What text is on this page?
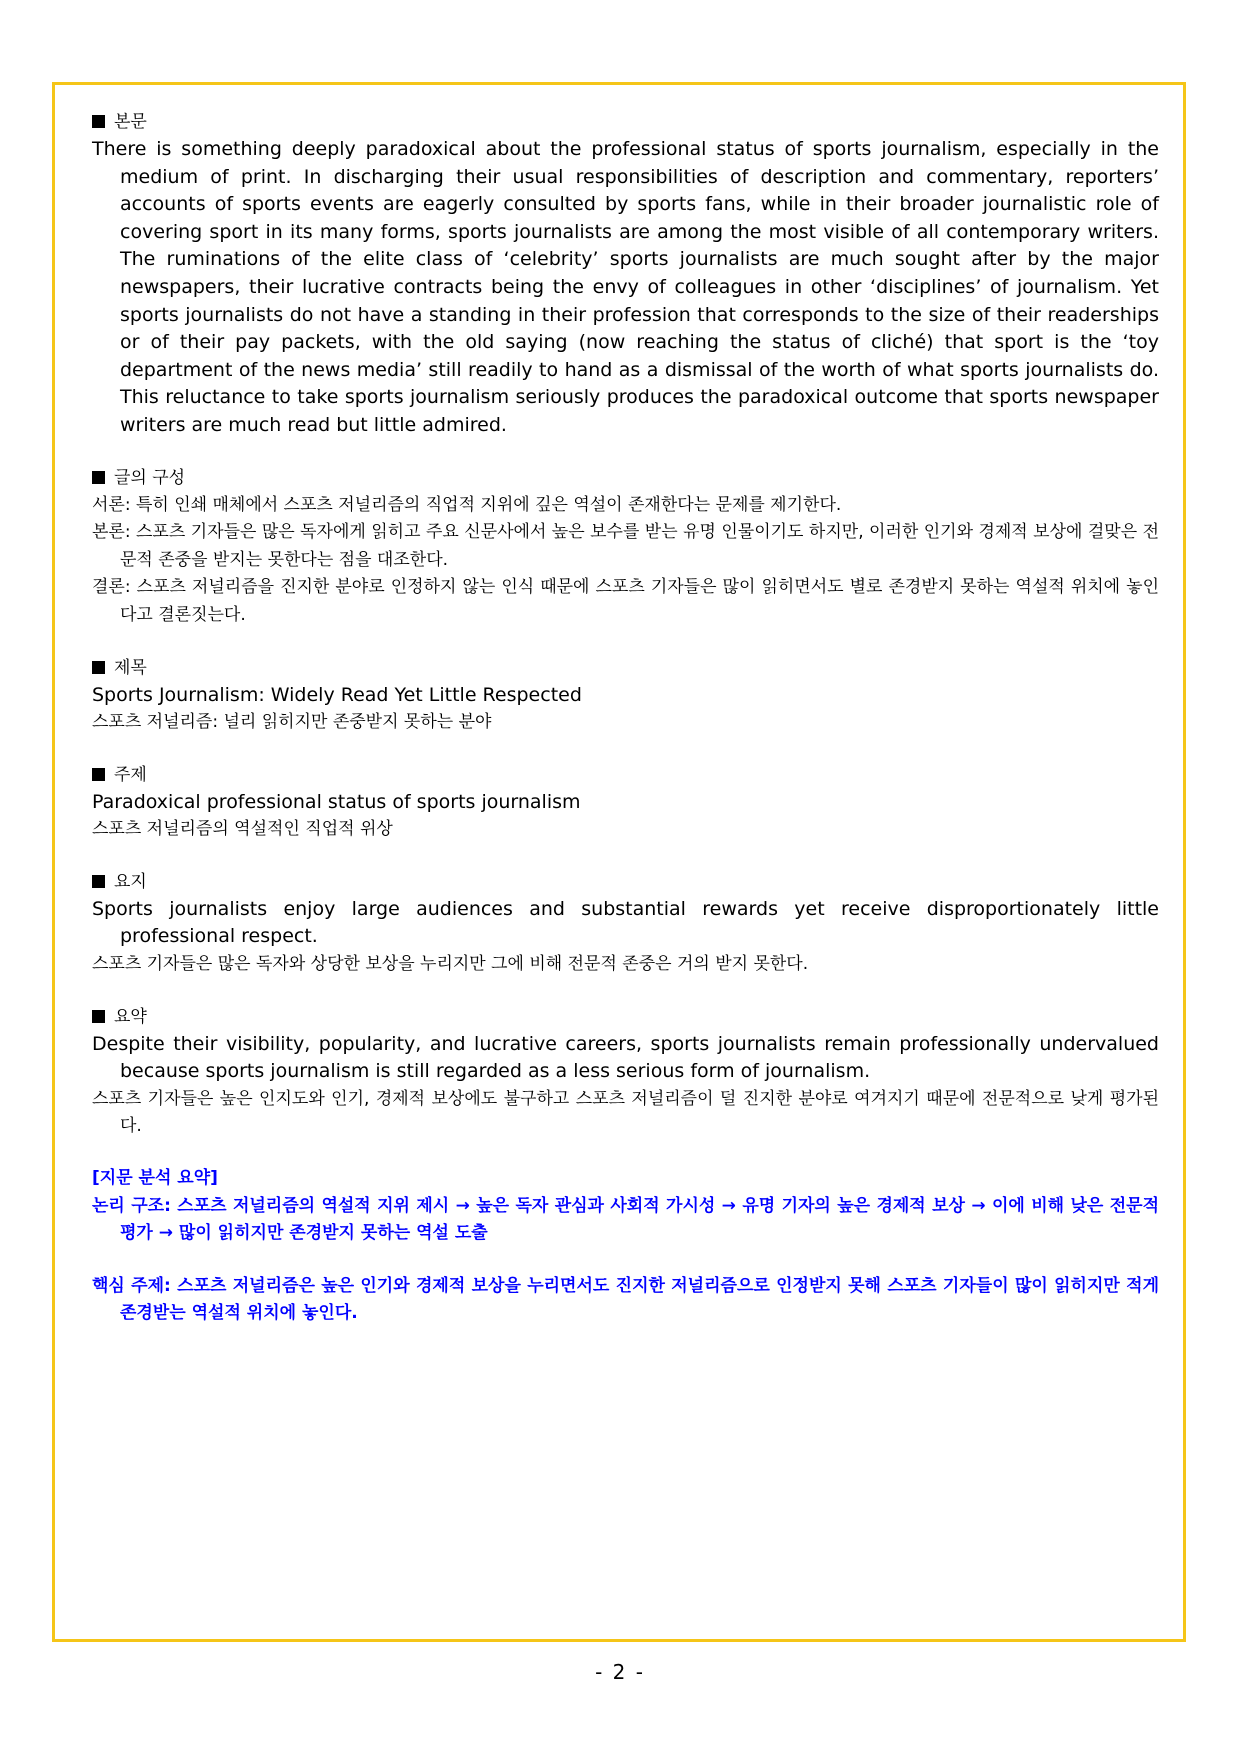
본문

There is something deeply paradoxical about the professional status of sports journalism, especially in the medium of print. In discharging their usual responsibilities of description and commentary, reporters’ accounts of sports events are eagerly consulted by sports fans, while in their broader journalistic role of covering sport in its many forms, sports journalists are among the most visible of all contemporary writers. The ruminations of the elite class of ‘celebrity’ sports journalists are much sought after by the major newspapers, their lucrative contracts being the envy of colleagues in other ‘disciplines’ of journalism. Yet sports journalists do not have a standing in their profession that corresponds to the size of their readerships or of their pay packets, with the old saying (now reaching the status of cliché) that sport is the ‘toy department of the news media’ still readily to hand as a dismissal of the worth of what sports journalists do. This reluctance to take sports journalism seriously produces the paradoxical outcome that sports newspaper writers are much read but little admired.

글의 구성

서론: 특히 인쇄 매체에서 스포츠 저널리즘의 직업적 지위에 깊은 역설이 존재한다는 문제를 제기한다.

본론: 스포츠 기자들은 많은 독자에게 읽히고 주요 신문사에서 높은 보수를 받는 유명 인물이기도 하지만, 이러한 인기와 경제적 보상에 걸맞은 전문적 존중을 받지는 못한다는 점을 대조한다.

결론: 스포츠 저널리즘을 진지한 분야로 인정하지 않는 인식 때문에 스포츠 기자들은 많이 읽히면서도 별로 존경받지 못하는 역설적 위치에 놓인다고 결론짓는다.

제목

Sports Journalism: Widely Read Yet Little Respected

스포츠 저널리즘: 널리 읽히지만 존중받지 못하는 분야

주제

Paradoxical professional status of sports journalism

스포츠 저널리즘의 역설적인 직업적 위상

요지

Sports journalists enjoy large audiences and substantial rewards yet receive disproportionately little professional respect.

스포츠 기자들은 많은 독자와 상당한 보상을 누리지만 그에 비해 전문적 존중은 거의 받지 못한다.

요약

Despite their visibility, popularity, and lucrative careers, sports journalists remain professionally undervalued because sports journalism is still regarded as a less serious form of journalism.

스포츠 기자들은 높은 인지도와 인기, 경제적 보상에도 불구하고 스포츠 저널리즘이 덜 진지한 분야로 여겨지기 때문에 전문적으로 낮게 평가된다.

[지문 분석 요약]

논리 구조: 스포츠 저널리즘의 역설적 지위 제시 → 높은 독자 관심과 사회적 가시성 → 유명 기자의 높은 경제적 보상 → 이에 비해 낮은 전문적 평가 → 많이 읽히지만 존경받지 못하는 역설 도출

핵심 주제: 스포츠 저널리즘은 높은 인기와 경제적 보상을 누리면서도 진지한 저널리즘으로 인정받지 못해 스포츠 기자들이 많이 읽히지만 적게 존경받는 역설적 위치에 놓인다.

- 2 -
